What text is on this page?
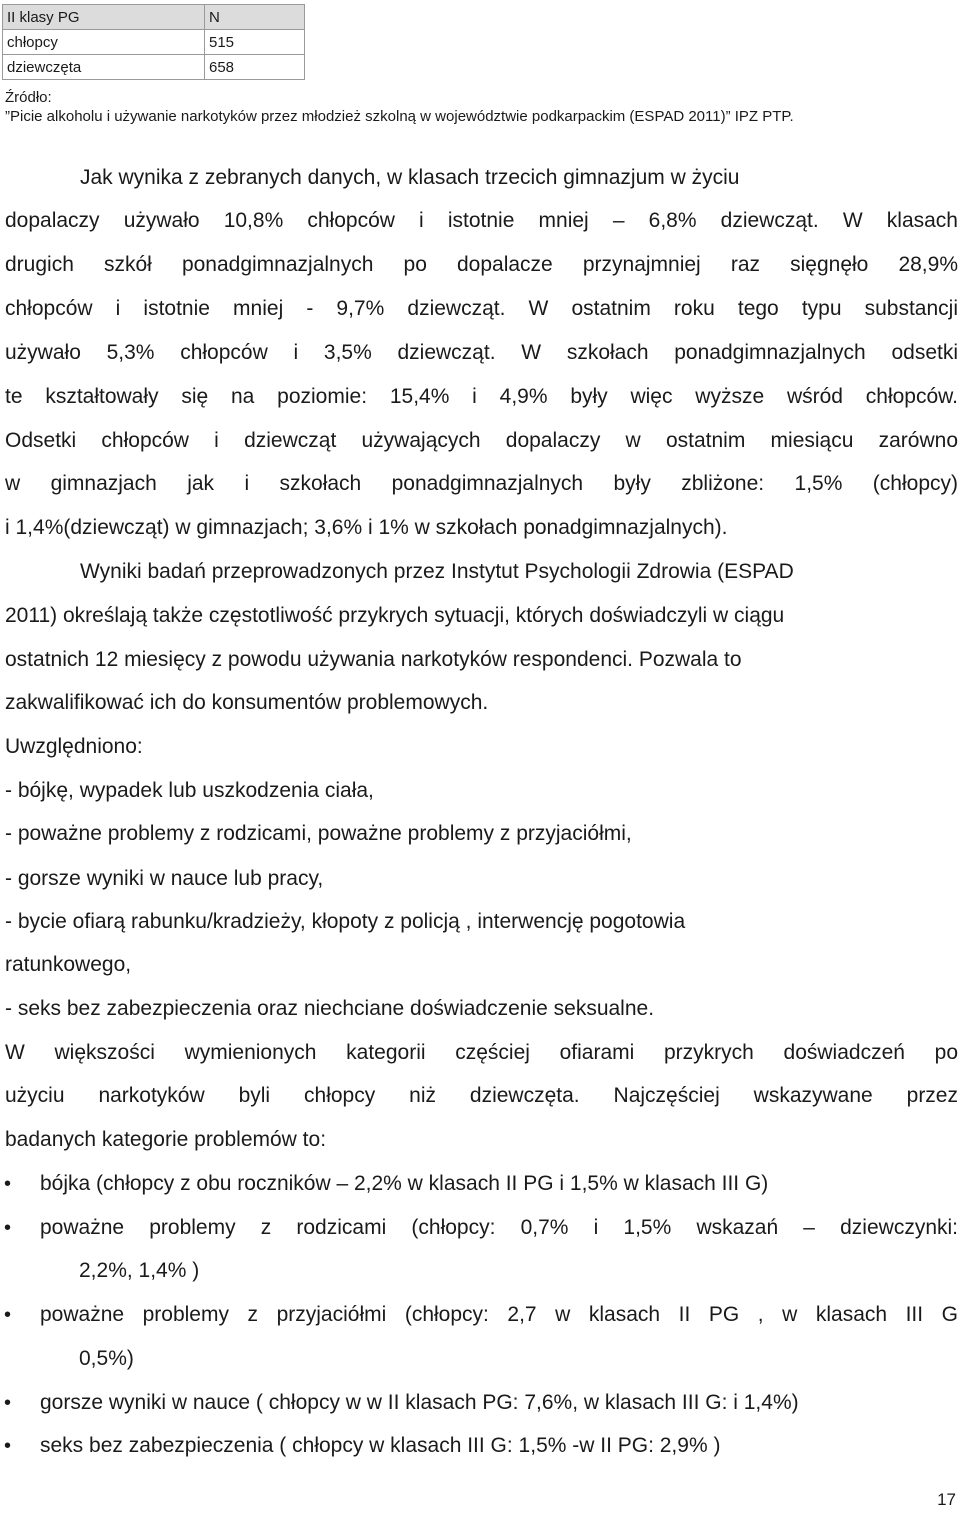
II klasy PG	N
chłopcy	515
dziewczęta	658
Źródło:
”Picie alkoholu i używanie narkotyków przez młodzież szkolną w województwie podkarpackim (ESPAD 2011)” IPZ PTP.
Jak wynika z zebranych danych, w klasach trzecich gimnazjum w życiu
dopalaczy używało 10,8% chłopców i istotnie mniej – 6,8% dziewcząt. W klasach
drugich szkół ponadgimnazjalnych po dopalacze przynajmniej raz sięgnęło 28,9%
chłopców i istotnie mniej - 9,7% dziewcząt. W ostatnim roku tego typu substancji
używało 5,3% chłopców i 3,5% dziewcząt. W szkołach ponadgimnazjalnych odsetki
te kształtowały się na poziomie: 15,4% i 4,9% były więc wyższe wśród chłopców.
Odsetki chłopców i dziewcząt używających dopalaczy w ostatnim miesiącu zarówno
w gimnazjach jak i szkołach ponadgimnazjalnych były zbliżone: 1,5% (chłopcy)
i 1,4%(dziewcząt) w gimnazjach; 3,6% i 1% w szkołach ponadgimnazjalnych).
Wyniki badań przeprowadzonych przez Instytut Psychologii Zdrowia (ESPAD
2011) określają także częstotliwość przykrych sytuacji, których doświadczyli w ciągu
ostatnich 12 miesięcy z powodu używania narkotyków respondenci. Pozwala to
zakwalifikować ich do konsumentów problemowych.
Uwzględniono:
- bójkę, wypadek lub uszkodzenia ciała,
- poważne problemy z rodzicami, poważne problemy z przyjaciółmi,
- gorsze wyniki w nauce lub pracy,
- bycie ofiarą rabunku/kradzieży, kłopoty z policją , interwencję pogotowia
ratunkowego,
- seks bez zabezpieczenia oraz niechciane doświadczenie seksualne.
W większości wymienionych kategorii częściej ofiarami przykrych doświadczeń po
użyciu narkotyków byli chłopcy niż dziewczęta. Najczęściej wskazywane przez
badanych kategorie problemów to:
• bójka (chłopcy z obu roczników – 2,2% w klasach II PG i 1,5% w klasach III G)
• poważne problemy z rodzicami (chłopcy: 0,7% i 1,5% wskazań – dziewczynki:
2,2%, 1,4% )
• poważne problemy z przyjaciółmi (chłopcy: 2,7 w klasach II PG , w klasach III G
0,5%)
• gorsze wyniki w nauce ( chłopcy w w II klasach PG: 7,6%, w klasach III G: i 1,4%)
• seks bez zabezpieczenia ( chłopcy w klasach III G: 1,5% -w II PG: 2,9% )
17
